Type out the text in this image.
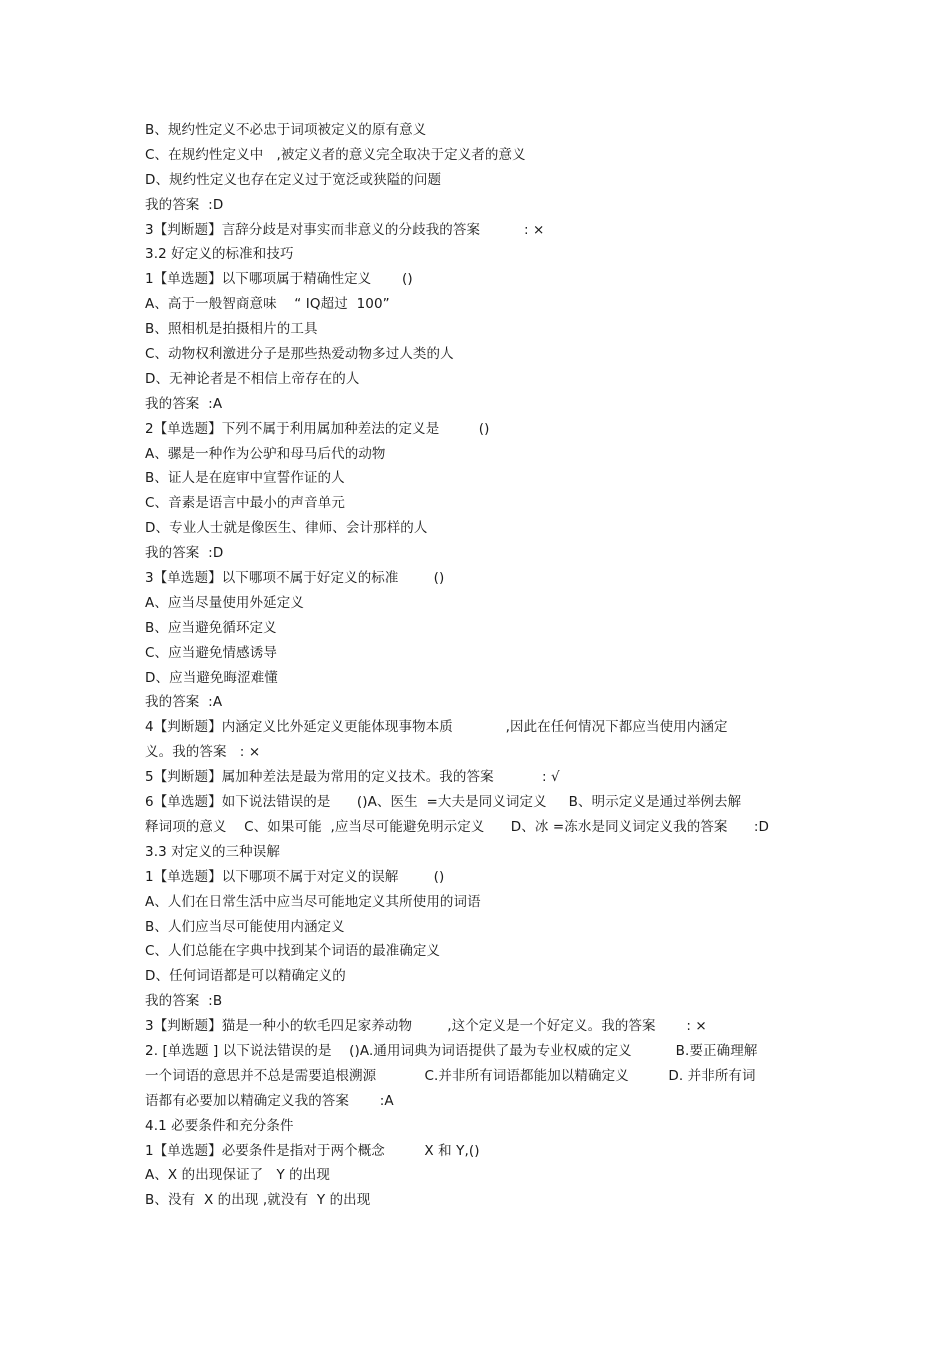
B、规约性定义不必忠于词项被定义的原有意义
C、在规约性定义中   ,被定义者的意义完全取决于定义者的意义
D、规约性定义也存在定义过于宽泛或狭隘的问题
我的答案  :D
3【判断题】言辞分歧是对事实而非意义的分歧我的答案          : ×
3.2 好定义的标准和技巧
1【单选题】以下哪项属于精确性定义       ()
A、高于一般智商意味    “ IQ超过  100”
B、照相机是拍摄相片的工具
C、动物权利激进分子是那些热爱动物多过人类的人
D、无神论者是不相信上帝存在的人
我的答案  :A
2【单选题】下列不属于利用属加种差法的定义是         ()
A、骡是一种作为公驴和母马后代的动物
B、证人是在庭审中宣誓作证的人
C、音素是语言中最小的声音单元
D、专业人士就是像医生、律师、会计那样的人
我的答案  :D
3【单选题】以下哪项不属于好定义的标准        ()
A、应当尽量使用外延定义
B、应当避免循环定义
C、应当避免情感诱导
D、应当避免晦涩难懂
我的答案  :A
4【判断题】内涵定义比外延定义更能体现事物本质            ,因此在任何情况下都应当使用内涵定
义。我的答案   : ×
5【判断题】属加种差法是最为常用的定义技术。我的答案           : √
6【单选题】如下说法错误的是      ()A、医生  =大夫是同义词定义     B、明示定义是通过举例去解
释词项的意义    C、如果可能  ,应当尽可能避免明示定义      D、冰 =冻水是同义词定义我的答案      :D
3.3 对定义的三种误解
1【单选题】以下哪项不属于对定义的误解        ()
A、人们在日常生活中应当尽可能地定义其所使用的词语
B、人们应当尽可能使用内涵定义
C、人们总能在字典中找到某个词语的最准确定义
D、任何词语都是可以精确定义的
我的答案  :B
3【判断题】猫是一种小的软毛四足家养动物        ,这个定义是一个好定义。我的答案       : ×
2. [单选题 ] 以下说法错误的是    ()A.通用词典为词语提供了最为专业权威的定义          B.要正确理解
一个词语的意思并不总是需要追根溯源           C.并非所有词语都能加以精确定义         D. 并非所有词
语都有必要加以精确定义我的答案       :A
4.1 必要条件和充分条件
1【单选题】必要条件是指对于两个概念         X 和 Y,()
A、X 的出现保证了   Y 的出现
B、没有  X 的出现 ,就没有  Y 的出现
